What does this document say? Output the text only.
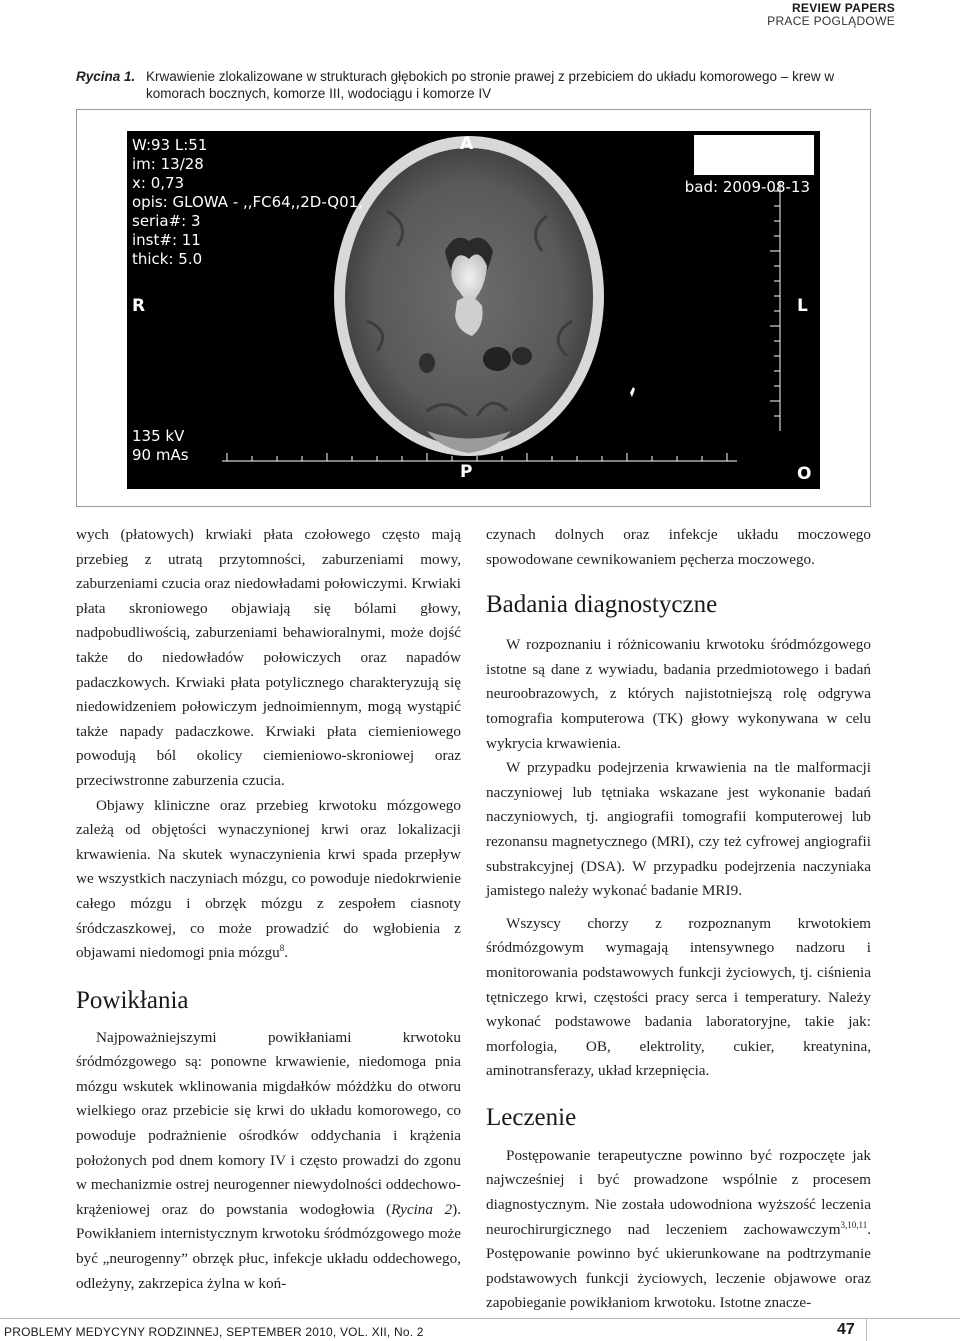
REVIEW PAPERS
PRACE POGLĄDOWE
Rycina 1. Krwawienie zlokalizowane w strukturach głębokich po stronie prawej z przebiciem do układu komorowego – krew w komorach bocznych, komorze III, wodociągu i komorze IV
W:93 L:51
im: 13/28
x: 0,73
opis: GLOWA - ,,FC64,,2D-Q01,
seria#: 3
inst#: 11
thick: 5.0
135 kV
90 mAs
bad: 2009-08-13
A
P
R	L
O

wych (płatowych) krwiaki płata czołowego często mają przebieg z utratą przytomności, zaburzeniami mowy, zaburzeniami czucia oraz niedowładami połowiczymi. Krwiaki płata skroniowego objawiają się bólami głowy, nadpobudliwością, zaburzeniami behawioralnymi, może dojść także do niedowładów połowiczych oraz napadów padaczkowych. Krwiaki płata potylicznego charakteryzują się niedowidzeniem połowiczym jednoimiennym, mogą wystąpić także napady padaczkowe. Krwiaki płata ciemieniowego powodują ból okolicy ciemieniowo-skroniowej oraz przeciwstronne zaburzenia czucia.

Objawy kliniczne oraz przebieg krwotoku mózgowego zależą od objętości wynaczynionej krwi oraz lokalizacji krwawienia. Na skutek wynaczynienia krwi spada przepływ we wszystkich naczyniach mózgu, co powoduje niedokrwienie całego mózgu i obrzęk mózgu z zespołem ciasnoty śródczaszkowej, co może prowadzić do wgłobienia z objawami niedomogi pnia mózgu$^8$.

Powikłania

Najpoważniejszymi powikłaniami krwotoku śródmózgowego są: ponowne krwawienie, niedomoga pnia mózgu wskutek wklinowania migdałków móżdżku do otworu wielkiego oraz przebicie się krwi do układu komorowego, co powoduje podrażnienie ośrodków oddychania i krążenia położonych pod dnem komory IV i często prowadzi do zgonu w mechanizmie ostrej neurogenner niewydolności oddechowo-krążeniowej oraz do powstania wodogłowia (Rycina 2). Powikłaniem internistycznym krwotoku śródmózgowego może być „neurogenny” obrzęk płuc, infekcje układu oddechowego, odleżyny, zakrzepica żylna w koń-

czynach dolnych oraz infekcje układu moczowego spowodowane cewnikowaniem pęcherza moczowego.

Badania diagnostyczne

W rozpoznaniu i różnicowaniu krwotoku śródmózgowego istotne są dane z wywiadu, badania przedmiotowego i badań neuroobrazowych, z których najistotniejszą rolę odgrywa tomografia komputerowa (TK) głowy wykonywana w celu wykrycia krwawienia.

W przypadku podejrzenia krwawienia na tle malformacji naczyniowej lub tętniaka wskazane jest wykonanie badań naczyniowych, tj. angiografii tomografii komputerowej lub rezonansu magnetycznego (MRI), czy też cyfrowej angiografii substrakcyjnej (DSA). W przypadku podejrzenia naczyniaka jamistego należy wykonać badanie MRI9.

Wszyscy chorzy z rozpoznanym krwotokiem śródmózgowym wymagają intensywnego nadzoru i monitorowania podstawowych funkcji życiowych, tj. ciśnienia tętniczego krwi, częstości pracy serca i temperatury. Należy wykonać podstawowe badania laboratoryjne, takie jak: morfologia, OB, elektrolity, cukier, kreatynina, aminotransferazy, układ krzepnięcia.

Leczenie

Postępowanie terapeutyczne powinno być rozpoczęte jak najwcześniej i być prowadzone wspólnie z procesem diagnostycznym. Nie została udowodniona wyższość leczenia neurochirurgicznego nad leczeniem zachowawczym$^{3,10,11}$. Postępowanie powinno być ukierunkowane na podtrzymanie podstawowych funkcji życiowych, leczenie objawowe oraz zapobieganie powikłaniom krwotoku. Istotne znacze-

PROBLEMY MEDYCYNY RODZINNEJ, SEPTEMBER 2010, VOL. XII, No. 2	47
